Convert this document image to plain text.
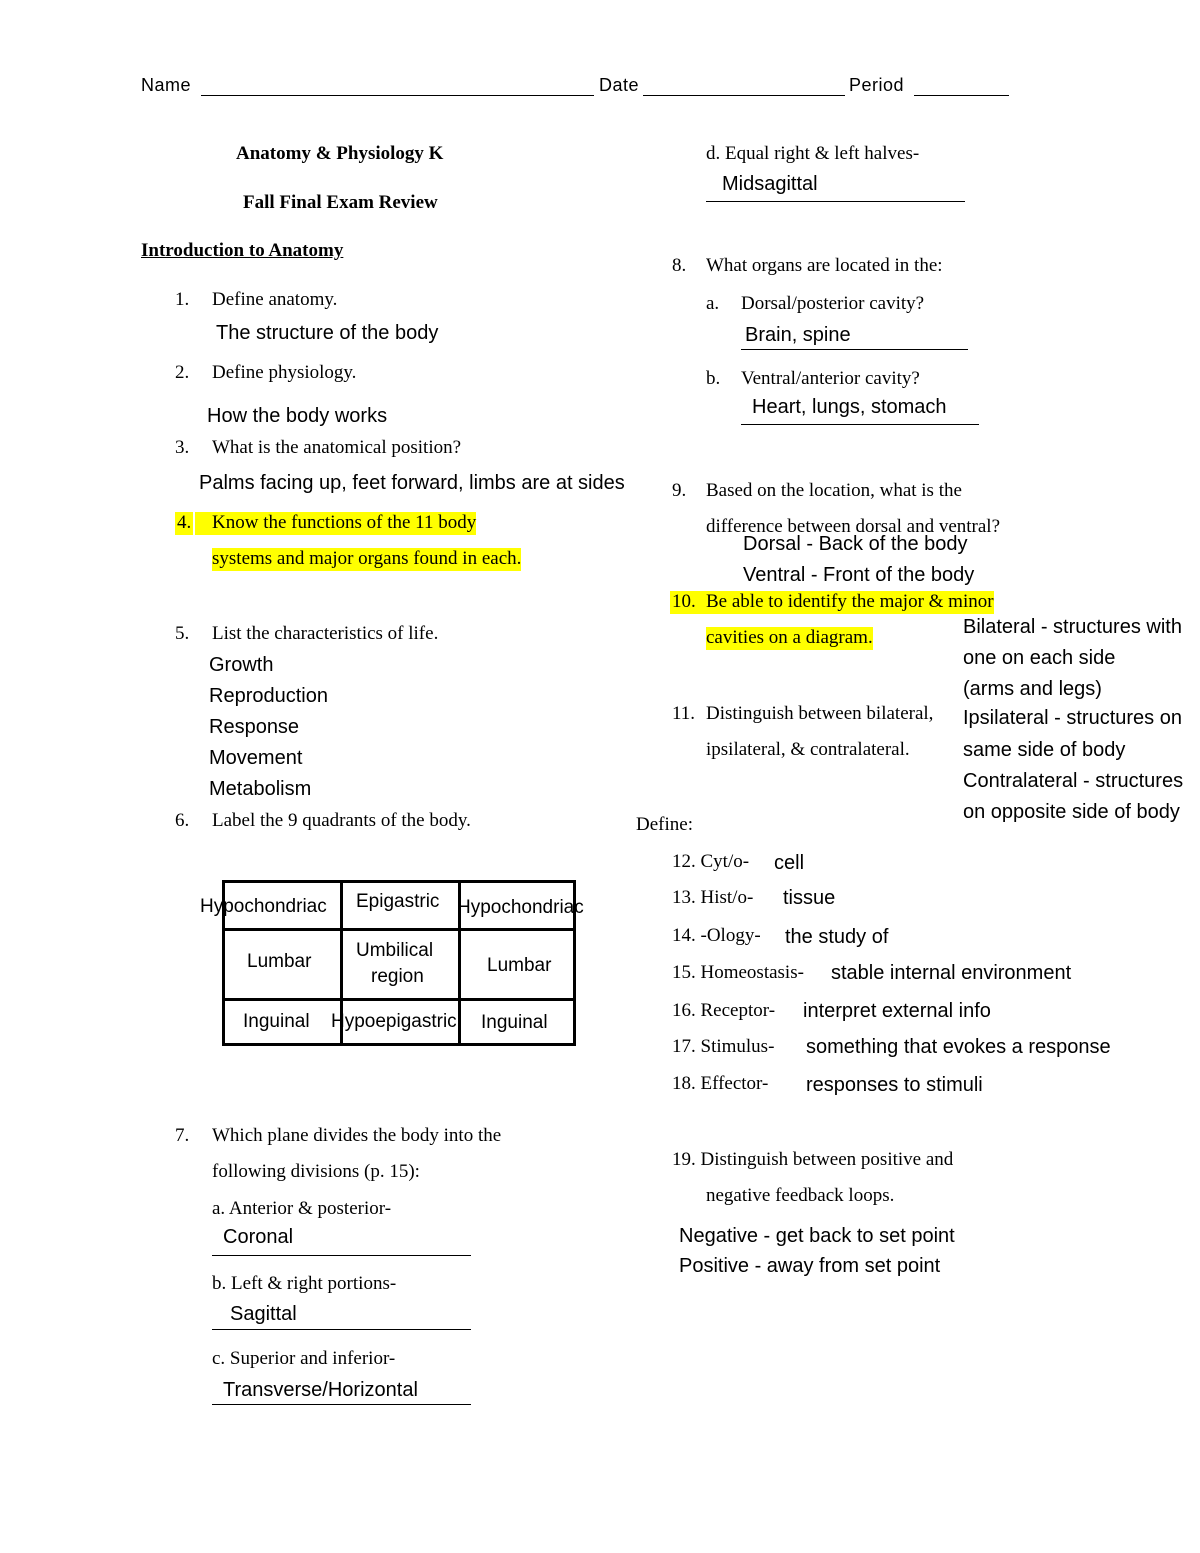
Name	Date	Period
Anatomy & Physiology K
Fall Final Exam Review
Introduction to Anatomy
1. Define anatomy.
The structure of the body
2. Define physiology.
How the body works
3. What is the anatomical position?
Palms facing up, feet forward, limbs are at sides
4. Know the functions of the 11 body
systems and major organs found in each.
5. List the characteristics of life.
Growth
Reproduction
Response
Movement
Metabolism
6. Label the 9 quadrants of the body.
Hypochondriac Epigastric Hypochondriac
Lumbar
Umbilical
region
Lumbar
Inguinal Hypoepigastric Inguinal
7. Which plane divides the body into the
following divisions (p. 15):
a. Anterior & posterior-
Coronal
b. Left & right portions-
Sagittal
c. Superior and inferior-
Transverse/Horizontal
d. Equal right & left halves-
Midsagittal
8. What organs are located in the:
a. Dorsal/posterior cavity?
Brain, spine
b. Ventral/anterior cavity?
Heart, lungs, stomach
9. Based on the location, what is the
difference between dorsal and ventral?
Dorsal - Back of the body
Ventral - Front of the body
10. Be able to identify the major & minor
cavities on a diagram.
11. Distinguish between bilateral,
ipsilateral, & contralateral.
Bilateral - structures with
one on each side
(arms and legs)
Ipsilateral - structures on
same side of body
Contralateral - structures
on opposite side of body
Define:
12. Cyt/o- cell
13. Hist/o- tissue
14. -Ology- the study of
15. Homeostasis- stable internal environment
16. Receptor- interpret external info
17. Stimulus- something that evokes a response
18. Effector- responses to stimuli
19. Distinguish between positive and
negative feedback loops.
Negative - get back to set point
Positive - away from set point
